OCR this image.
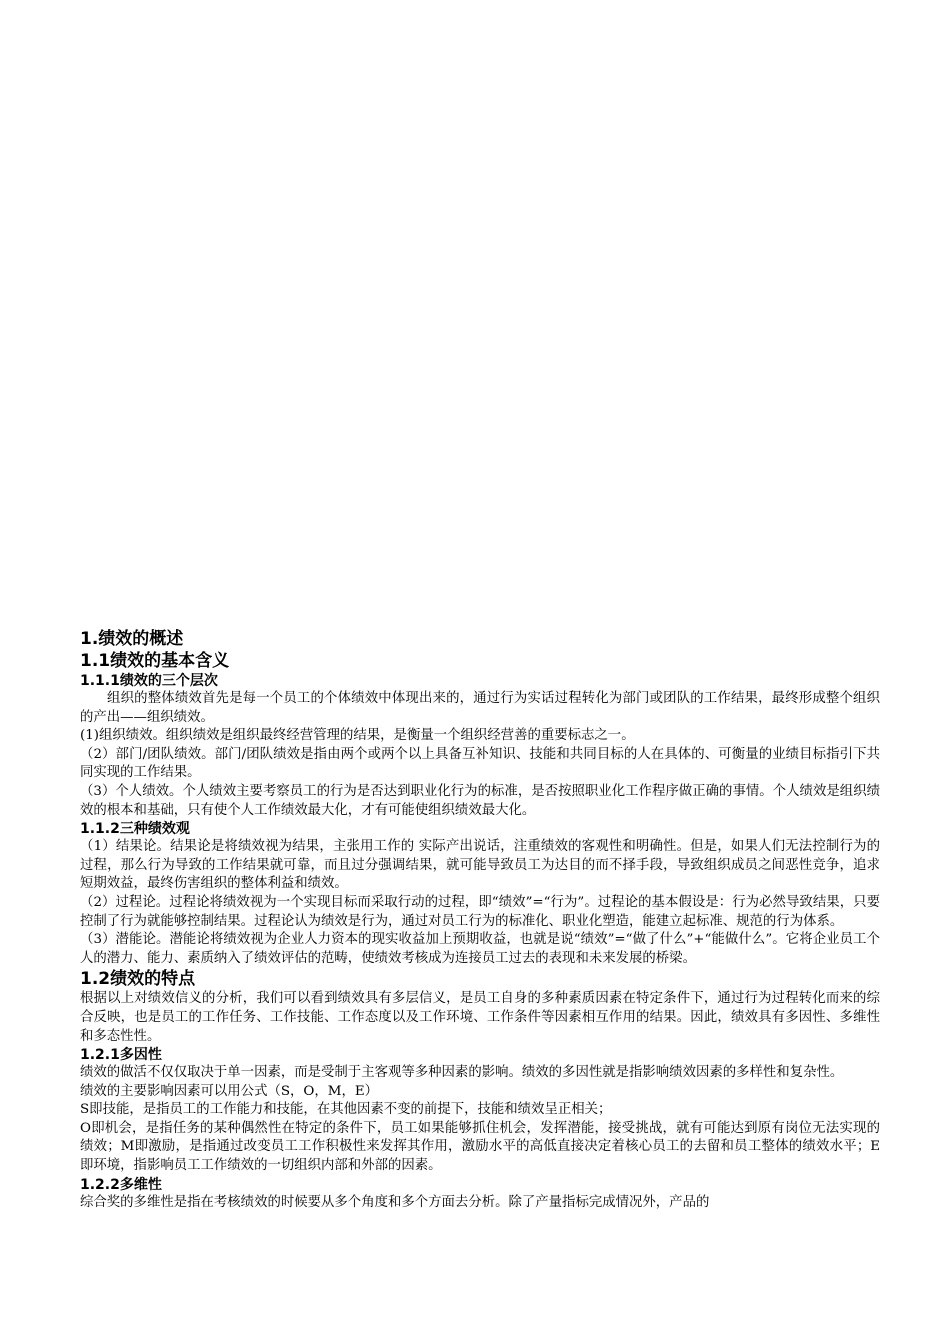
1.绩效的概述
1.1绩效的基本含义
1.1.1绩效的三个层次

组织的整体绩效首先是每一个员工的个体绩效中体现出来的，通过行为实话过程转化为部门或团队的工作结果，最终形成整个组织的产出——组织绩效。

(1)组织绩效。组织绩效是组织最终经营管理的结果，是衡量一个组织经营善的重要标志之一。

（2）部门/团队绩效。部门/团队绩效是指由两个或两个以上具备互补知识、技能和共同目标的人在具体的、可衡量的业绩目标指引下共同实现的工作结果。

（3）个人绩效。个人绩效主要考察员工的行为是否达到职业化行为的标准，是否按照职业化工作程序做正确的事情。个人绩效是组织绩效的根本和基础，只有使个人工作绩效最大化，才有可能使组织绩效最大化。

1.1.2三种绩效观

（1）结果论。结果论是将绩效视为结果，主张用工作的 实际产出说话，注重绩效的客观性和明确性。但是，如果人们无法控制行为的过程，那么行为导致的工作结果就可靠，而且过分强调结果，就可能导致员工为达目的而不择手段，导致组织成员之间恶性竞争，追求短期效益，最终伤害组织的整体利益和绩效。

（2）过程论。过程论将绩效视为一个实现目标而采取行动的过程，即“绩效”=“行为”。过程论的基本假设是：行为必然导致结果，只要控制了行为就能够控制结果。过程论认为绩效是行为，通过对员工行为的标准化、职业化塑造，能建立起标准、规范的行为体系。

（3）潜能论。潜能论将绩效视为企业人力资本的现实收益加上预期收益，也就是说“绩效”=“做了什么”+“能做什么”。它将企业员工个人的潜力、能力、素质纳入了绩效评估的范畴，使绩效考核成为连接员工过去的表现和未来发展的桥梁。

1.2绩效的特点

根据以上对绩效信义的分析，我们可以看到绩效具有多层信义，是员工自身的多种素质因素在特定条件下，通过行为过程转化而来的综合反映，也是员工的工作任务、工作技能、工作态度以及工作环境、工作条件等因素相互作用的结果。因此，绩效具有多因性、多维性和多态性性。

1.2.1多因性

绩效的做活不仅仅取决于单一因素，而是受制于主客观等多种因素的影响。绩效的多因性就是指影响绩效因素的多样性和复杂性。

绩效的主要影响因素可以用公式（S，O，M，E）

S即技能，是指员工的工作能力和技能，在其他因素不变的前提下，技能和绩效呈正相关；

O即机会，是指任务的某种偶然性在特定的条件下，员工如果能够抓住机会，发挥潜能，接受挑战，就有可能达到原有岗位无法实现的绩效；M即激励，是指通过改变员工工作积极性来发挥其作用，激励水平的高低直接决定着核心员工的去留和员工整体的绩效水平；E即环境，指影响员工工作绩效的一切组织内部和外部的因素。

1.2.2多维性

综合奖的多维性是指在考核绩效的时候要从多个角度和多个方面去分析。除了产量指标完成情况外，产品的
